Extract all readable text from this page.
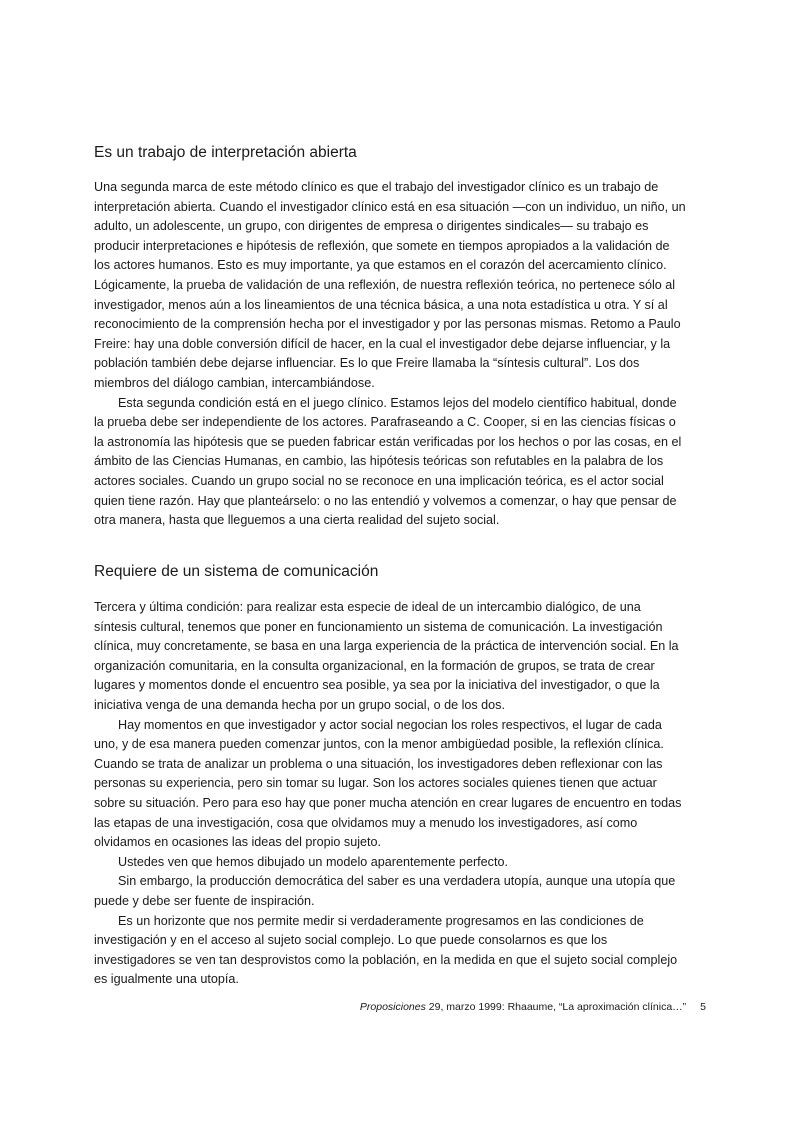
Es un trabajo de interpretación abierta
Una segunda marca de este método clínico es que el trabajo del investigador clínico es un trabajo de
interpretación abierta. Cuando el investigador clínico está en esa situación —con un individuo, un niño, un
adulto, un adolescente, un grupo, con dirigentes de empresa o dirigentes sindicales— su trabajo es
producir interpretaciones e hipótesis de reflexión, que somete en tiempos apropiados a la validación de
los actores humanos. Esto es muy importante, ya que estamos en el corazón del acercamiento clínico.
Lógicamente, la prueba de validación de una reflexión, de nuestra reflexión teórica, no pertenece sólo al
investigador, menos aún a los lineamientos de una técnica básica, a una nota estadística u otra. Y sí al
reconocimiento de la comprensión hecha por el investigador y por las personas mismas. Retomo a Paulo
Freire: hay una doble conversión difícil de hacer, en la cual el investigador debe dejarse influenciar, y la
población también debe dejarse influenciar. Es lo que Freire llamaba la “síntesis cultural”. Los dos
miembros del diálogo cambian, intercambiándose.
Esta segunda condición está en el juego clínico. Estamos lejos del modelo científico habitual, donde
la prueba debe ser independiente de los actores. Parafraseando a C. Cooper, si en las ciencias físicas o
la astronomía las hipótesis que se pueden fabricar están verificadas por los hechos o por las cosas, en el
ámbito de las Ciencias Humanas, en cambio, las hipótesis teóricas son refutables en la palabra de los
actores sociales. Cuando un grupo social no se reconoce en una implicación teórica, es el actor social
quien tiene razón. Hay que planteárselo: o no las entendió y volvemos a comenzar, o hay que pensar de
otra manera, hasta que lleguemos a una cierta realidad del sujeto social.
Requiere de un sistema de comunicación
Tercera y última condición: para realizar esta especie de ideal de un intercambio dialógico, de una
síntesis cultural, tenemos que poner en funcionamiento un sistema de comunicación. La investigación
clínica, muy concretamente, se basa en una larga experiencia de la práctica de intervención social. En la
organización comunitaria, en la consulta organizacional, en la formación de grupos, se trata de crear
lugares y momentos donde el encuentro sea posible, ya sea por la iniciativa del investigador, o que la
iniciativa venga de una demanda hecha por un grupo social, o de los dos.
Hay momentos en que investigador y actor social negocian los roles respectivos, el lugar de cada
uno, y de esa manera pueden comenzar juntos, con la menor ambigüedad posible, la reflexión clínica.
Cuando se trata de analizar un problema o una situación, los investigadores deben reflexionar con las
personas su experiencia, pero sin tomar su lugar. Son los actores sociales quienes tienen que actuar
sobre su situación. Pero para eso hay que poner mucha atención en crear lugares de encuentro en todas
las etapas de una investigación, cosa que olvidamos muy a menudo los investigadores, así como
olvidamos en ocasiones las ideas del propio sujeto.
Ustedes ven que hemos dibujado un modelo aparentemente perfecto.
Sin embargo, la producción democrática del saber es una verdadera utopía, aunque una utopía que
puede y debe ser fuente de inspiración.
Es un horizonte que nos permite medir si verdaderamente progresamos en las condiciones de
investigación y en el acceso al sujeto social complejo. Lo que puede consolarnos es que los
investigadores se ven tan desprovistos como la población, en la medida en que el sujeto social complejo
es igualmente una utopía.
Proposiciones 29, marzo 1999: Rhaaume, “La aproximación clínica…” 5
